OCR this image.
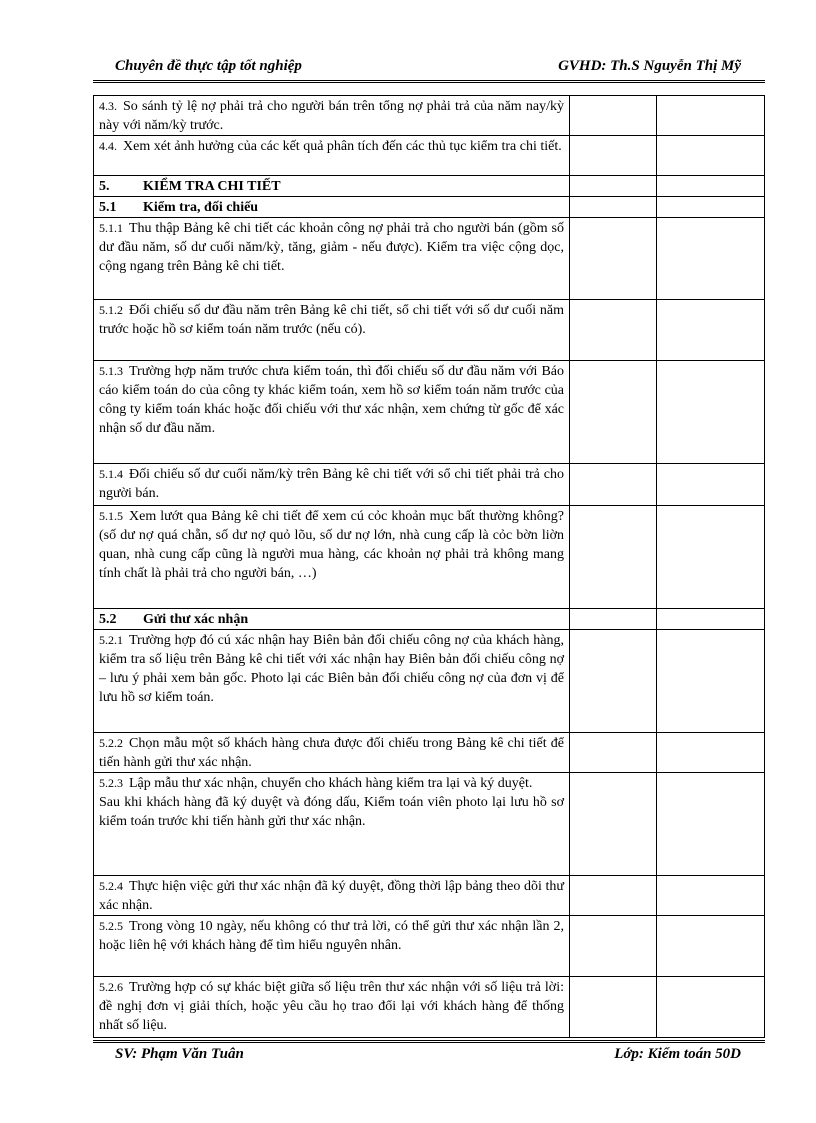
Chuyên đề thực tập tốt nghiệp	GVHD: Th.S Nguyễn Thị Mỹ
4.3. So sánh tỷ lệ nợ phải trả cho người bán trên tổng nợ phải trả của năm nay/kỳ này với năm/kỳ trước.		
4.4. Xem xét ảnh hưởng của các kết quả phân tích đến các thủ tục kiểm tra chi tiết.		
5. KIỂM TRA CHI TIẾT		
5.1 Kiểm tra, đối chiếu		
5.1.1 Thu thập Bảng kê chi tiết các khoản công nợ phải trả cho người bán (gồm số dư đầu năm, số dư cuối năm/kỳ, tăng, giảm - nếu được). Kiểm tra việc cộng dọc, cộng ngang trên Bảng kê chi tiết.		
5.1.2 Đối chiếu số dư đầu năm trên Bảng kê chi tiết, sổ chi tiết với số dư cuối năm trước hoặc hồ sơ kiểm toán năm trước (nếu có).		
5.1.3 Trường hợp năm trước chưa kiểm toán, thì đối chiếu số dư đầu năm với Báo cáo kiểm toán do của công ty khác kiểm toán, xem hồ sơ kiểm toán năm trước của công ty kiểm toán khác hoặc đối chiếu với thư xác nhận, xem chứng từ gốc để xác nhận số dư đầu năm.		
5.1.4 Đối chiếu số dư cuối năm/kỳ trên Bảng kê chi tiết với sổ chi tiết phải trả cho người bán.		
5.1.5 Xem lướt qua Bảng kê chi tiết để xem cú cỏc khoản mục bất thường không? (số dư nợ quá chẵn, số dư nợ quỏ lõu, số dư nợ lớn, nhà cung cấp là cỏc bờn liờn quan, nhà cung cấp cũng là người mua hàng, các khoản nợ phải trả không mang tính chất là phải trả cho người bán, …)		
5.2 Gửi thư xác nhận		
5.2.1 Trường hợp đó cú xác nhận hay Biên bản đối chiếu công nợ của khách hàng, kiểm tra số liệu trên Bảng kê chi tiết với xác nhận hay Biên bản đối chiếu công nợ – lưu ý phải xem bản gốc. Photo lại các Biên bản đối chiếu công nợ của đơn vị để lưu hồ sơ kiểm toán.		
5.2.2 Chọn mẫu một số khách hàng chưa được đối chiếu trong Bảng kê chi tiết để tiến hành gửi thư xác nhận.		
5.2.3 Lập mẫu thư xác nhận, chuyển cho khách hàng kiểm tra lại và ký duyệt.
Sau khi khách hàng đã ký duyệt và đóng dấu, Kiểm toán viên photo lại lưu hồ sơ kiểm toán trước khi tiến hành gửi thư xác nhận.		
5.2.4 Thực hiện việc gửi thư xác nhận đã ký duyệt, đồng thời lập bảng theo dõi thư xác nhận.		
5.2.5 Trong vòng 10 ngày, nếu không có thư trả lời, có thể gửi thư xác nhận lần 2, hoặc liên hệ với khách hàng để tìm hiểu nguyên nhân.		
5.2.6 Trường hợp có sự khác biệt giữa số liệu trên thư xác nhận với số liệu trả lời: đề nghị đơn vị giải thích, hoặc yêu cầu họ trao đổi lại với khách hàng để thống nhất số liệu.		
SV: Phạm Văn Tuân	Lớp: Kiểm toán 50D
